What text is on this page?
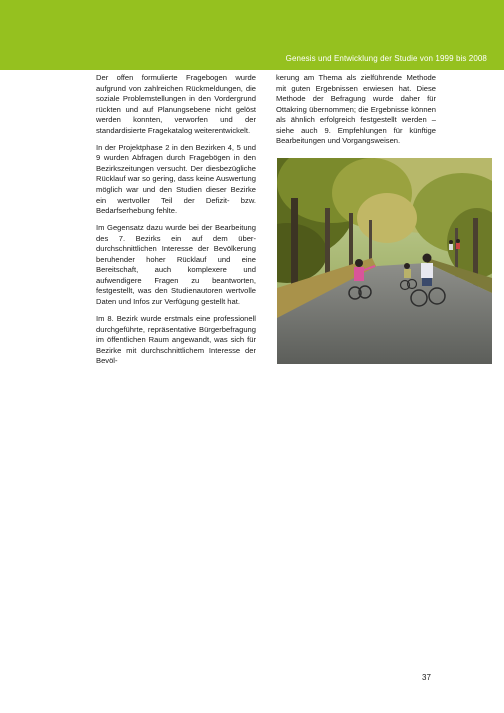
Genesis und Entwicklung der Studie von 1999 bis 2008

Der offen formulierte Fragebogen wurde aufgrund von zahlreichen Rückmeldungen, die soziale Problemstellungen in den Vordergrund rückten und auf Planungsebene nicht gelöst werden konnten, verworfen und der standardisierte Fragekatalog weiterentwickelt.

In der Projektphase 2 in den Bezirken 4, 5 und 9 wurden Abfragen durch Fragebögen in den Bezirkszeitungen versucht. Der diesbezügliche Rücklauf war so gering, dass keine Auswertung möglich war und den Studien dieser Bezirke ein wertvoller Teil der Defizit- bzw. Bedarfserhebung fehlte.

Im Gegensatz dazu wurde bei der Bearbeitung des 7. Bezirks ein auf dem überdurchschnittlichen Interesse der Bevölkerung beruhender hoher Rücklauf und eine Bereitschaft, auch komplexere und aufwendigere Fragen zu beantworten, festgestellt, was den Studienautoren wertvolle Daten und Infos zur Verfügung gestellt hat.

Im 8. Bezirk wurde erstmals eine professionell durchgeführte, repräsentative Bürgerbefragung im öffentlichen Raum angewandt, was sich für Bezirke mit durchschnittlichem Interesse der Bevöl-

kerung am Thema als zielführende Methode mit guten Ergebnissen erwiesen hat. Diese Methode der Befragung wurde daher für Ottakring übernommen; die Ergebnisse können als ähnlich erfolgreich festgestellt werden – siehe auch 9. Empfehlungen für künftige Bearbeitungen und Vorgangsweisen.

37
